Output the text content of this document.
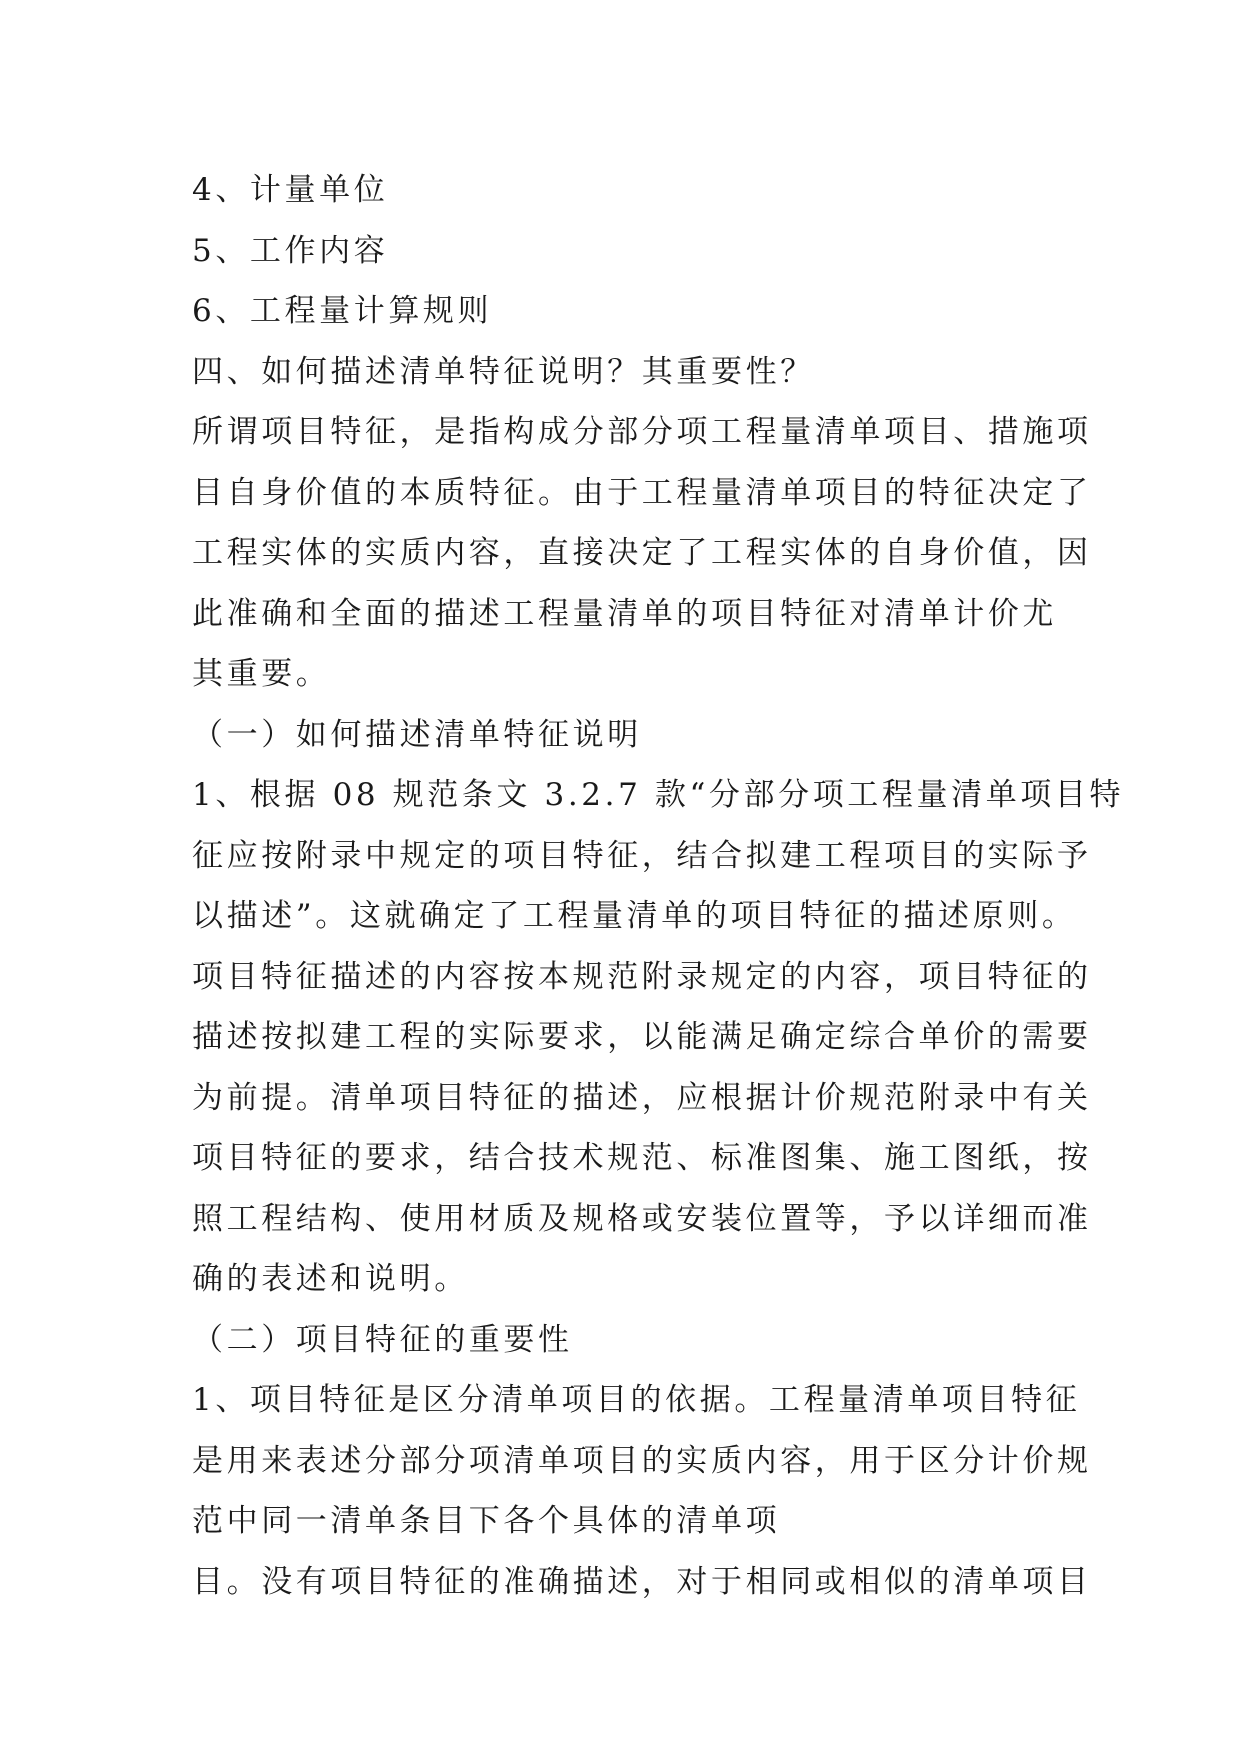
4、计量单位
5、工作内容
6、工程量计算规则
四、如何描述清单特征说明？其重要性？
所谓项目特征，是指构成分部分项工程量清单项目、措施项
目自身价值的本质特征。由于工程量清单项目的特征决定了
工程实体的实质内容，直接决定了工程实体的自身价值，因
此准确和全面的描述工程量清单的项目特征对清单计价尤
其重要。
（一）如何描述清单特征说明
1、根据 08 规范条文 3.2.7 款“分部分项工程量清单项目特
征应按附录中规定的项目特征，结合拟建工程项目的实际予
以描述”。这就确定了工程量清单的项目特征的描述原则。
项目特征描述的内容按本规范附录规定的内容，项目特征的
描述按拟建工程的实际要求，以能满足确定综合单价的需要
为前提。清单项目特征的描述，应根据计价规范附录中有关
项目特征的要求，结合技术规范、标准图集、施工图纸，按
照工程结构、使用材质及规格或安装位置等，予以详细而准
确的表述和说明。
（二）项目特征的重要性
1、项目特征是区分清单项目的依据。工程量清单项目特征
是用来表述分部分项清单项目的实质内容，用于区分计价规
范中同一清单条目下各个具体的清单项
目。没有项目特征的准确描述，对于相同或相似的清单项目
